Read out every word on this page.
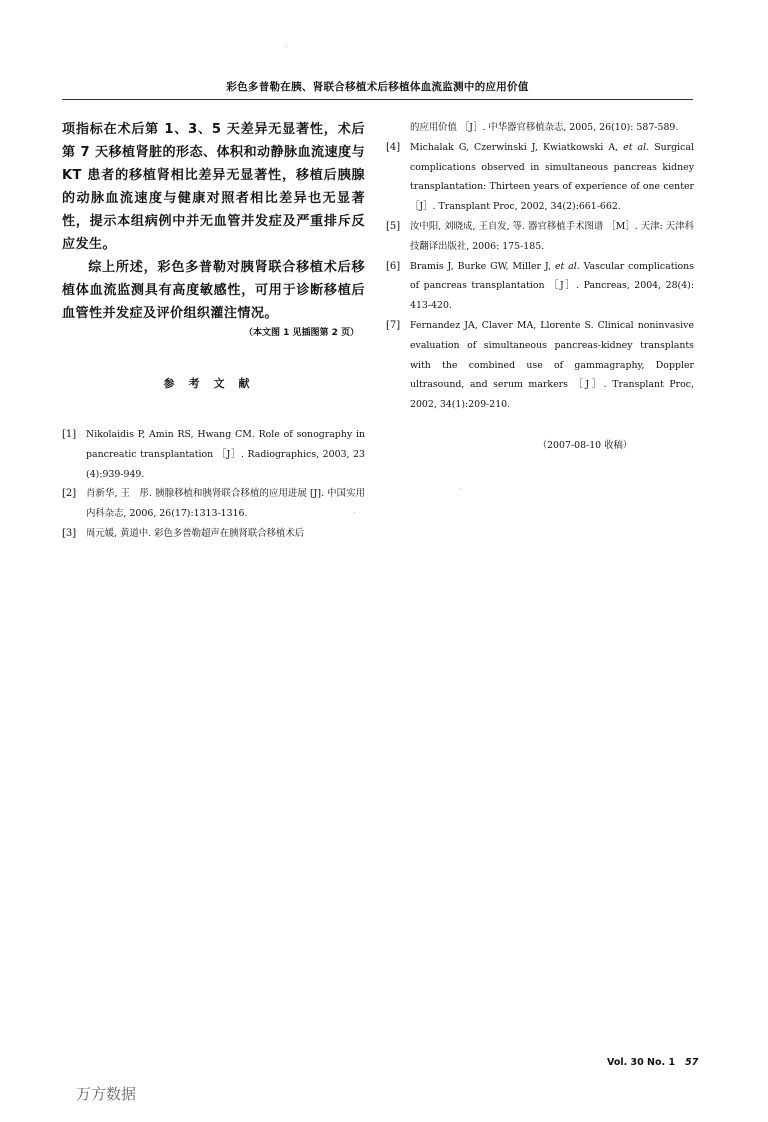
彩色多普勒在胰、肾联合移植术后移植体血流监测中的应用价值

项指标在术后第 1、3、5 天差异无显著性，术后第 7 天移植肾脏的形态、体积和动静脉血流速度与 KT 患者的移植肾相比差异无显著性，移植后胰腺的动脉血流速度与健康对照者相比差异也无显著性，提示本组病例中并无血管并发症及严重排斥反应发生。

综上所述，彩色多普勒对胰肾联合移植术后移植体血流监测具有高度敏感性，可用于诊断移植后血管性并发症及评价组织灌注情况。

（本文图 1 见插图第 2 页）

参考文献

[1] Nikolaidis P, Amin RS, Hwang CM. Role of sonography in pancreatic transplantation ［J］. Radiographics, 2003, 23 (4):939-949.

[2] 肖新华, 王　彤. 胰腺移植和胰肾联合移植的应用进展 [J]. 中国实用内科杂志, 2006, 26(17):1313-1316.

[3] 周元媛, 黄道中. 彩色多普勒超声在胰肾联合移植术后

的应用价值 ［J］. 中华器官移植杂志, 2005, 26(10): 587-589.

[4] Michalak G, Czerwinski J, Kwiatkowski A, et al. Surgical complications observed in simultaneous pancreas kidney transplantation: Thirteen years of experience of one center ［J］. Transplant Proc, 2002, 34(2):661-662.

[5] 汝中阳, 刘晓成, 王自发, 等. 器官移植手术图谱 ［M］. 天津: 天津科技翻译出版社, 2006: 175-185.

[6] Bramis J, Burke GW, Miller J, et al. Vascular complications of pancreas transplantation ［J］. Pancreas, 2004, 28(4): 413-420.

[7] Fernandez JA, Claver MA, Llorente S. Clinical noninvasive evaluation of simultaneous pancreas-kidney transplants with the combined use of gammagraphy, Doppler ultrasound, and serum markers ［J］. Transplant Proc, 2002, 34(1):209-210.

（2007-08-10 收稿）
Vol. 30 No. 1 57
万方数据
